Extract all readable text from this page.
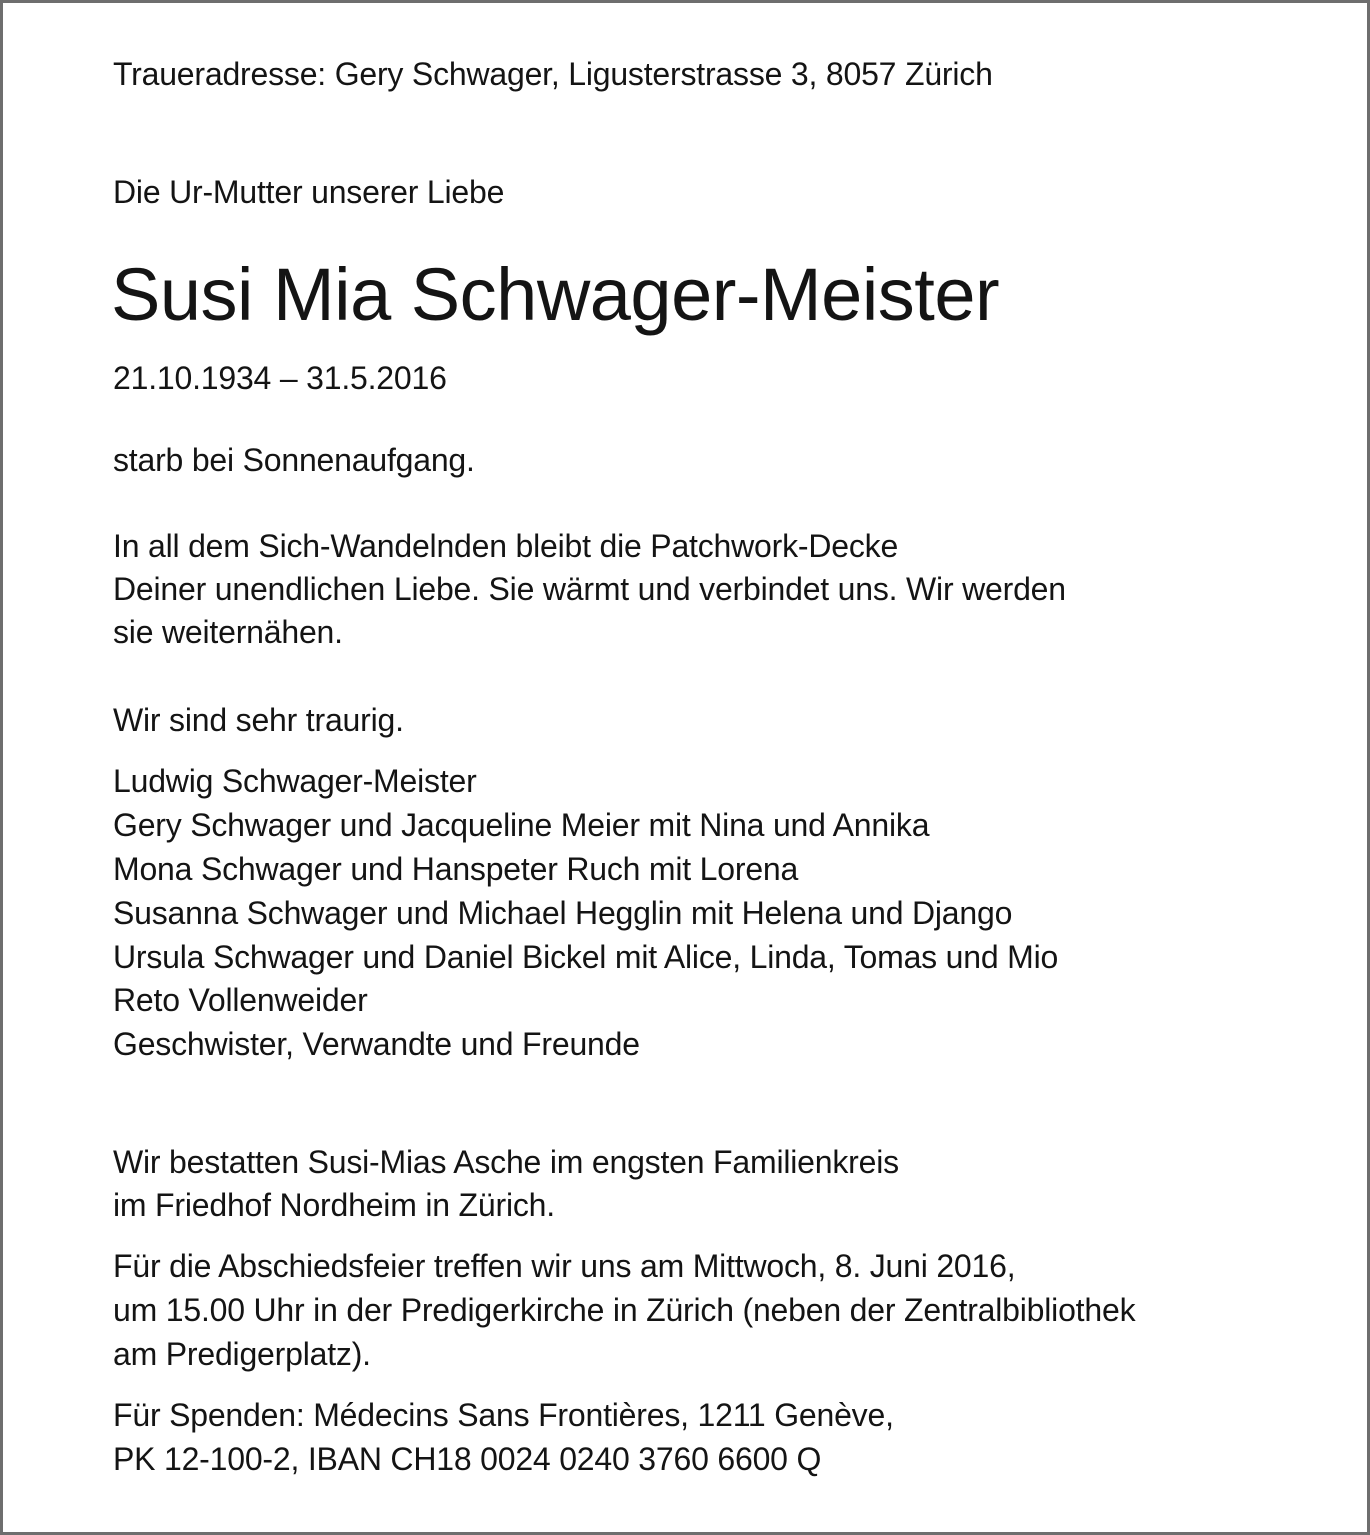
Traueradresse: Gery Schwager, Ligusterstrasse 3, 8057 Zürich
Die Ur-Mutter unserer Liebe
Susi Mia Schwager-Meister
21.10.1934 – 31.5.2016
starb bei Sonnenaufgang.
In all dem Sich-Wandelnden bleibt die Patchwork-Decke
Deiner unendlichen Liebe. Sie wärmt und verbindet uns. Wir werden
sie weiternähen.
Wir sind sehr traurig.
Ludwig Schwager-Meister
Gery Schwager und Jacqueline Meier mit Nina und Annika
Mona Schwager und Hanspeter Ruch mit Lorena
Susanna Schwager und Michael Hegglin mit Helena und Django
Ursula Schwager und Daniel Bickel mit Alice, Linda, Tomas und Mio
Reto Vollenweider
Geschwister, Verwandte und Freunde
Wir bestatten Susi-Mias Asche im engsten Familienkreis
im Friedhof Nordheim in Zürich.
Für die Abschiedsfeier treffen wir uns am Mittwoch, 8. Juni 2016,
um 15.00 Uhr in der Predigerkirche in Zürich (neben der Zentralbibliothek
am Predigerplatz).
Für Spenden: Médecins Sans Frontières, 1211 Genève,
PK 12-100-2, IBAN CH18 0024 0240 3760 6600 Q
